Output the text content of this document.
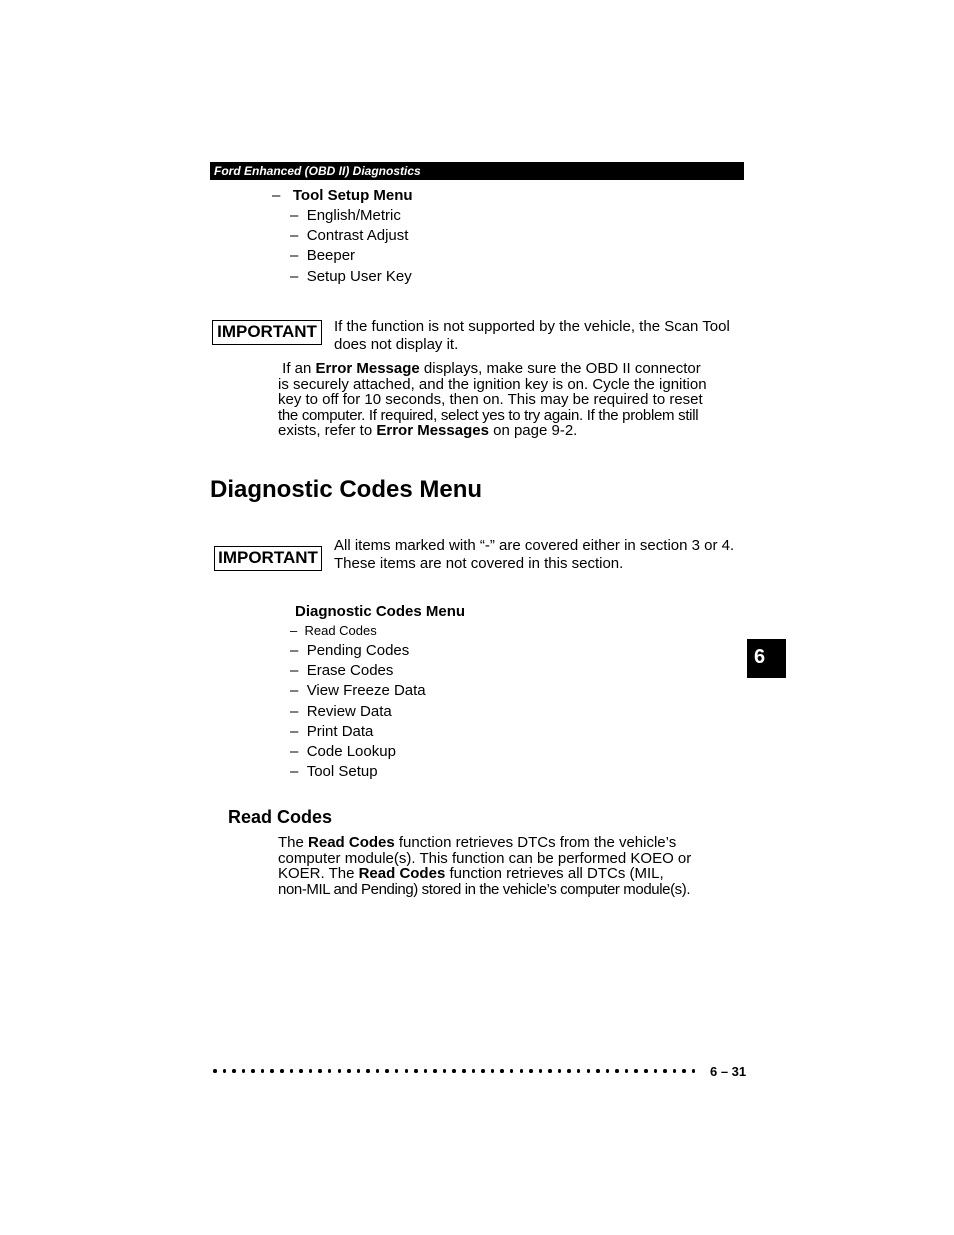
Ford Enhanced (OBD II) Diagnostics
– Tool Setup Menu
–  English/Metric
–  Contrast Adjust
–  Beeper
–  Setup User Key
IMPORTANT If the function is not supported by the vehicle, the Scan Tool does not display it.
If an Error Message displays, make sure the OBD II connector
is securely attached, and the ignition key is on. Cycle the ignition
key to off for 10 seconds, then on. This may be required to reset
the computer. If required, select yes to try again. If the problem still
exists, refer to Error Messages on page 9-2.
Diagnostic Codes Menu
IMPORTANT
All items marked with “-” are covered either in section 3 or 4. These items are not covered in this section.
Diagnostic Codes Menu
–  Read Codes
–  Pending Codes
–  Erase Codes
–  View Freeze Data
–  Review Data
–  Print Data
–  Code Lookup
–  Tool Setup
6
Read Codes
The Read Codes function retrieves DTCs from the vehicle’s
computer module(s). This function can be performed KOEO or
KOER. The Read Codes function retrieves all DTCs (MIL,
non-MIL and Pending) stored in the vehicle’s computer module(s).
6 – 31
